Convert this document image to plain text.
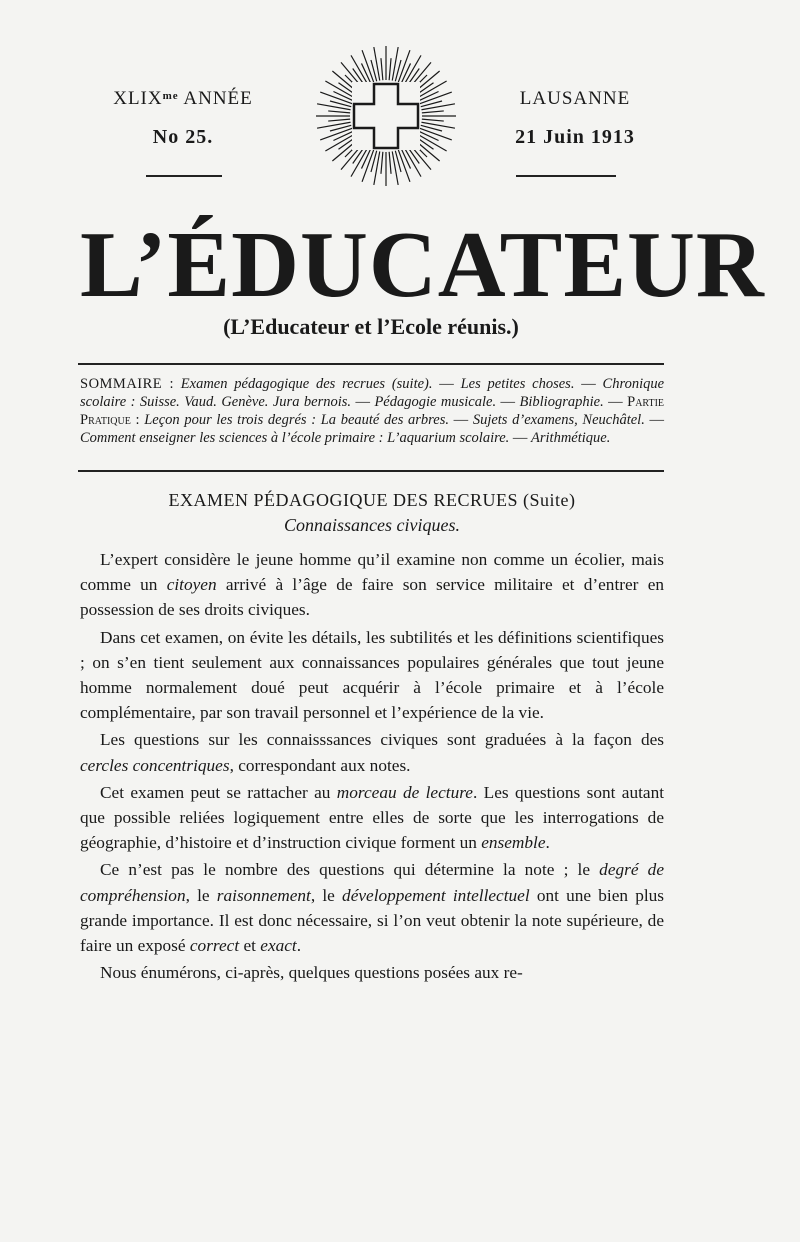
$XLIX^{me}$ ANNÉE
No 25.
LAUSANNE
21 Juin 1913
L’ÉDUCATEUR
(L’Educateur et l’Ecole réunis.)
SOMMAIRE : Examen pédagogique des recrues (suite). — Les petites choses. — Chronique scolaire : Suisse. Vaud. Genève. Jura bernois. — Pédagogie musicale. — Bibliographie. — Partie Pratique : Leçon pour les trois degrés : La beauté des arbres. — Sujets d’examens, Neuchâtel. — Comment enseigner les sciences à l’école primaire : L’aquarium scolaire. — Arithmétique.
EXAMEN PÉDAGOGIQUE DES RECRUES (Suite)
Connaissances civiques.

L’expert considère le jeune homme qu’il examine non comme un écolier, mais comme un citoyen arrivé à l’âge de faire son service militaire et d’entrer en possession de ses droits civiques.

Dans cet examen, on évite les détails, les subtilités et les définitions scientifiques ; on s’en tient seulement aux connaissances populaires générales que tout jeune homme normalement doué peut acquérir à l’école primaire et à l’école complémentaire, par son travail personnel et l’expérience de la vie.

Les questions sur les connaisssances civiques sont graduées à la façon des cercles concentriques, correspondant aux notes.

Cet examen peut se rattacher au morceau de lecture. Les questions sont autant que possible reliées logiquement entre elles de sorte que les interrogations de géographie, d’histoire et d’instruction civique forment un ensemble.

Ce n’est pas le nombre des questions qui détermine la note ; le degré de compréhension, le raisonnement, le développement intellectuel ont une bien plus grande importance. Il est donc nécessaire, si l’on veut obtenir la note supérieure, de faire un exposé correct et exact.

Nous énumérons, ci-après, quelques questions posées aux re-
